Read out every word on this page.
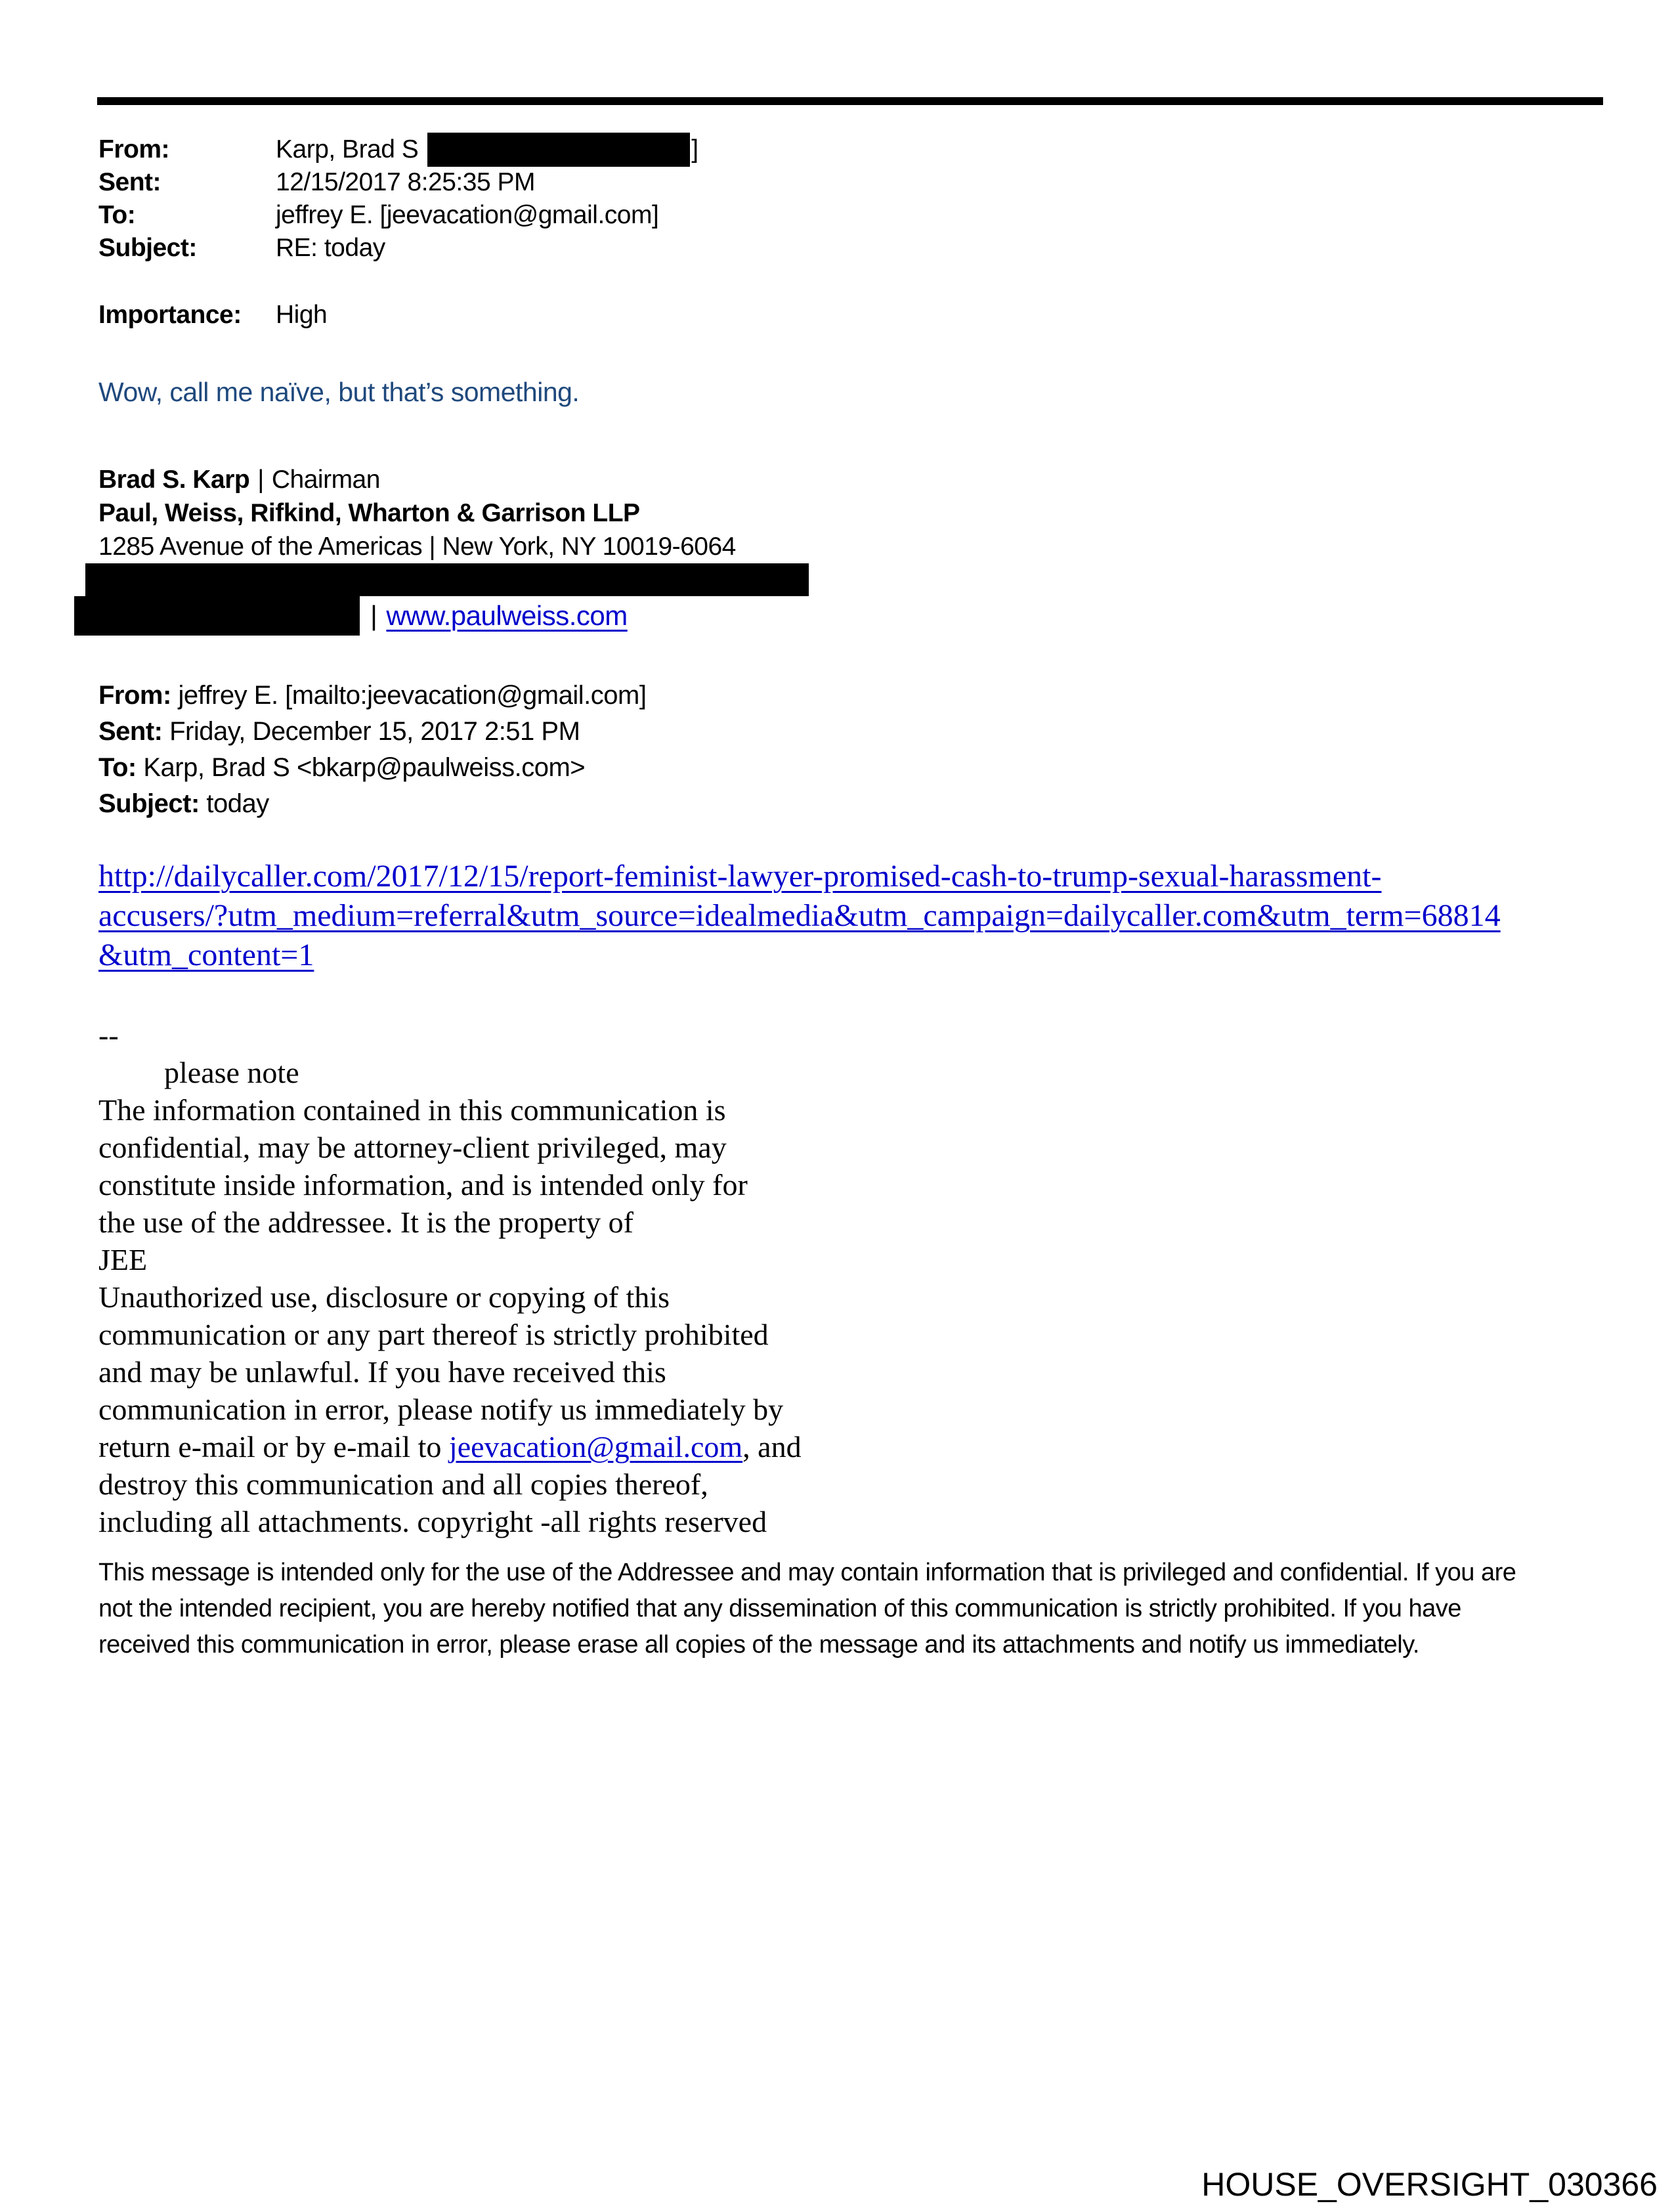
From:	Karp, Brad S	]
Sent:	12/15/2017 8:25:35 PM
To:	jeffrey E. [jeevacation@gmail.com]
Subject:	RE: today
Importance:	High
Wow, call me naïve, but that’s something.
Brad S. Karp | Chairman
Paul, Weiss, Rifkind, Wharton & Garrison LLP
1285 Avenue of the Americas | New York, NY 10019-6064
| www.paulweiss.com
From: jeffrey E. [mailto:jeevacation@gmail.com]
Sent: Friday, December 15, 2017 2:51 PM
To: Karp, Brad S <bkarp@paulweiss.com>
Subject: today
http://dailycaller.com/2017/12/15/report-feminist-lawyer-promised-cash-to-trump-sexual-harassment-
accusers/?utm_medium=referral&utm_source=idealmedia&utm_campaign=dailycaller.com&utm_term=68814
&utm_content=1
--
please note
The information contained in this communication is
confidential, may be attorney-client privileged, may
constitute inside information, and is intended only for
the use of the addressee. It is the property of
JEE
Unauthorized use, disclosure or copying of this
communication or any part thereof is strictly prohibited
and may be unlawful. If you have received this
communication in error, please notify us immediately by
return e-mail or by e-mail to jeevacation@gmail.com, and
destroy this communication and all copies thereof,
including all attachments. copyright -all rights reserved
This message is intended only for the use of the Addressee and may contain information that is privileged and confidential. If you are
not the intended recipient, you are hereby notified that any dissemination of this communication is strictly prohibited. If you have
received this communication in error, please erase all copies of the message and its attachments and notify us immediately.
HOUSE_OVERSIGHT_030366
